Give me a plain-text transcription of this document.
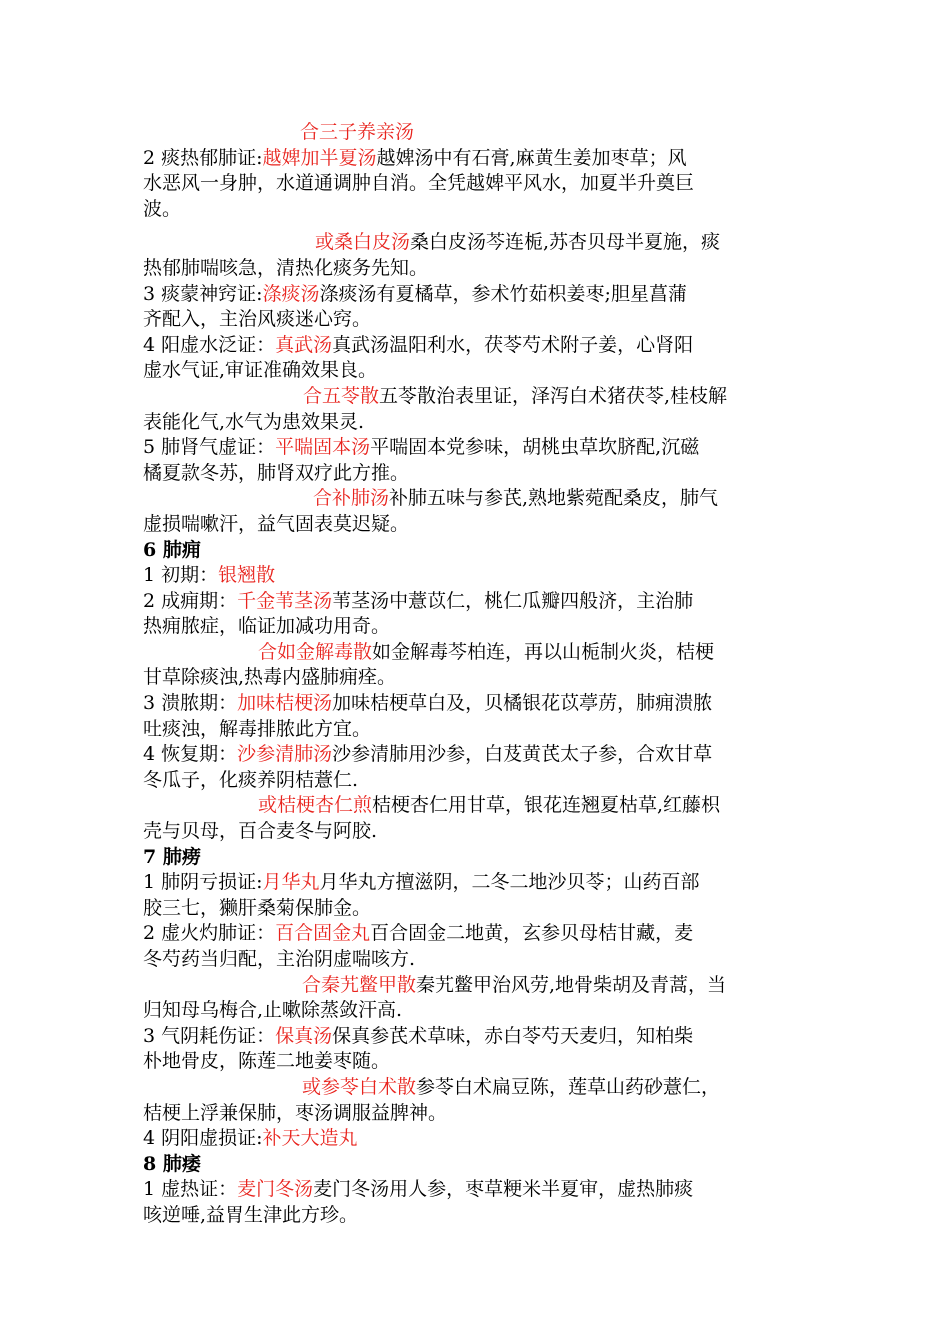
合三子养亲汤
2 痰热郁肺证:越婢加半夏汤越婢汤中有石膏,麻黄生姜加枣草；风
水恶风一身肿，水道通调肿自消。全凭越婢平风水，加夏半升奠巨
波。
或桑白皮汤桑白皮汤芩连栀,苏杏贝母半夏施，痰
热郁肺喘咳急，清热化痰务先知。
3 痰蒙神窍证:涤痰汤涤痰汤有夏橘草，参术竹茹枳姜枣;胆星菖蒲
齐配入，主治风痰迷心窍。
4 阳虚水泛证：真武汤真武汤温阳利水，茯苓芍术附子姜，心肾阳
虚水气证,审证准确效果良。
合五苓散五苓散治表里证，泽泻白术猪茯苓,桂枝解
表能化气,水气为患效果灵.
5 肺肾气虚证：平喘固本汤平喘固本党参味，胡桃虫草坎脐配,沉磁
橘夏款冬苏，肺肾双疗此方推。
合补肺汤补肺五味与参芪,熟地紫菀配桑皮，肺气
虚损喘嗽汗，益气固表莫迟疑。
6 肺痈
1 初期：银翘散
2 成痈期：千金苇茎汤苇茎汤中薏苡仁，桃仁瓜瓣四般济，主治肺
热痈脓症，临证加减功用奇。
合如金解毒散如金解毒芩柏连，再以山栀制火炎，桔梗
甘草除痰浊,热毒内盛肺痈痊。
3 溃脓期：加味桔梗汤加味桔梗草白及，贝橘银花苡葶苈，肺痈溃脓
吐痰浊，解毒排脓此方宜。
4 恢复期：沙参清肺汤沙参清肺用沙参，白芨黄芪太子参，合欢甘草
冬瓜子，化痰养阴桔薏仁.
或桔梗杏仁煎桔梗杏仁用甘草，银花连翘夏枯草,红藤枳
壳与贝母，百合麦冬与阿胶.
7 肺痨
1 肺阴亏损证:月华丸月华丸方擅滋阴，二冬二地沙贝苓；山药百部
胶三七，獭肝桑菊保肺金。
2 虚火灼肺证：百合固金丸百合固金二地黄，玄参贝母桔甘藏，麦
冬芍药当归配，主治阴虚喘咳方.
合秦艽鳖甲散秦艽鳖甲治风劳,地骨柴胡及青蒿，当
归知母乌梅合,止嗽除蒸敛汗高.
3 气阴耗伤证：保真汤保真参芪术草味，赤白苓芍天麦归，知柏柴
朴地骨皮，陈莲二地姜枣随。
或参苓白术散参苓白术扁豆陈，莲草山药砂薏仁，
桔梗上浮兼保肺，枣汤调服益脾神。
4 阴阳虚损证:补天大造丸
8 肺痿
1 虚热证：麦门冬汤麦门冬汤用人参，枣草粳米半夏审，虚热肺痰
咳逆唾,益胃生津此方珍。
